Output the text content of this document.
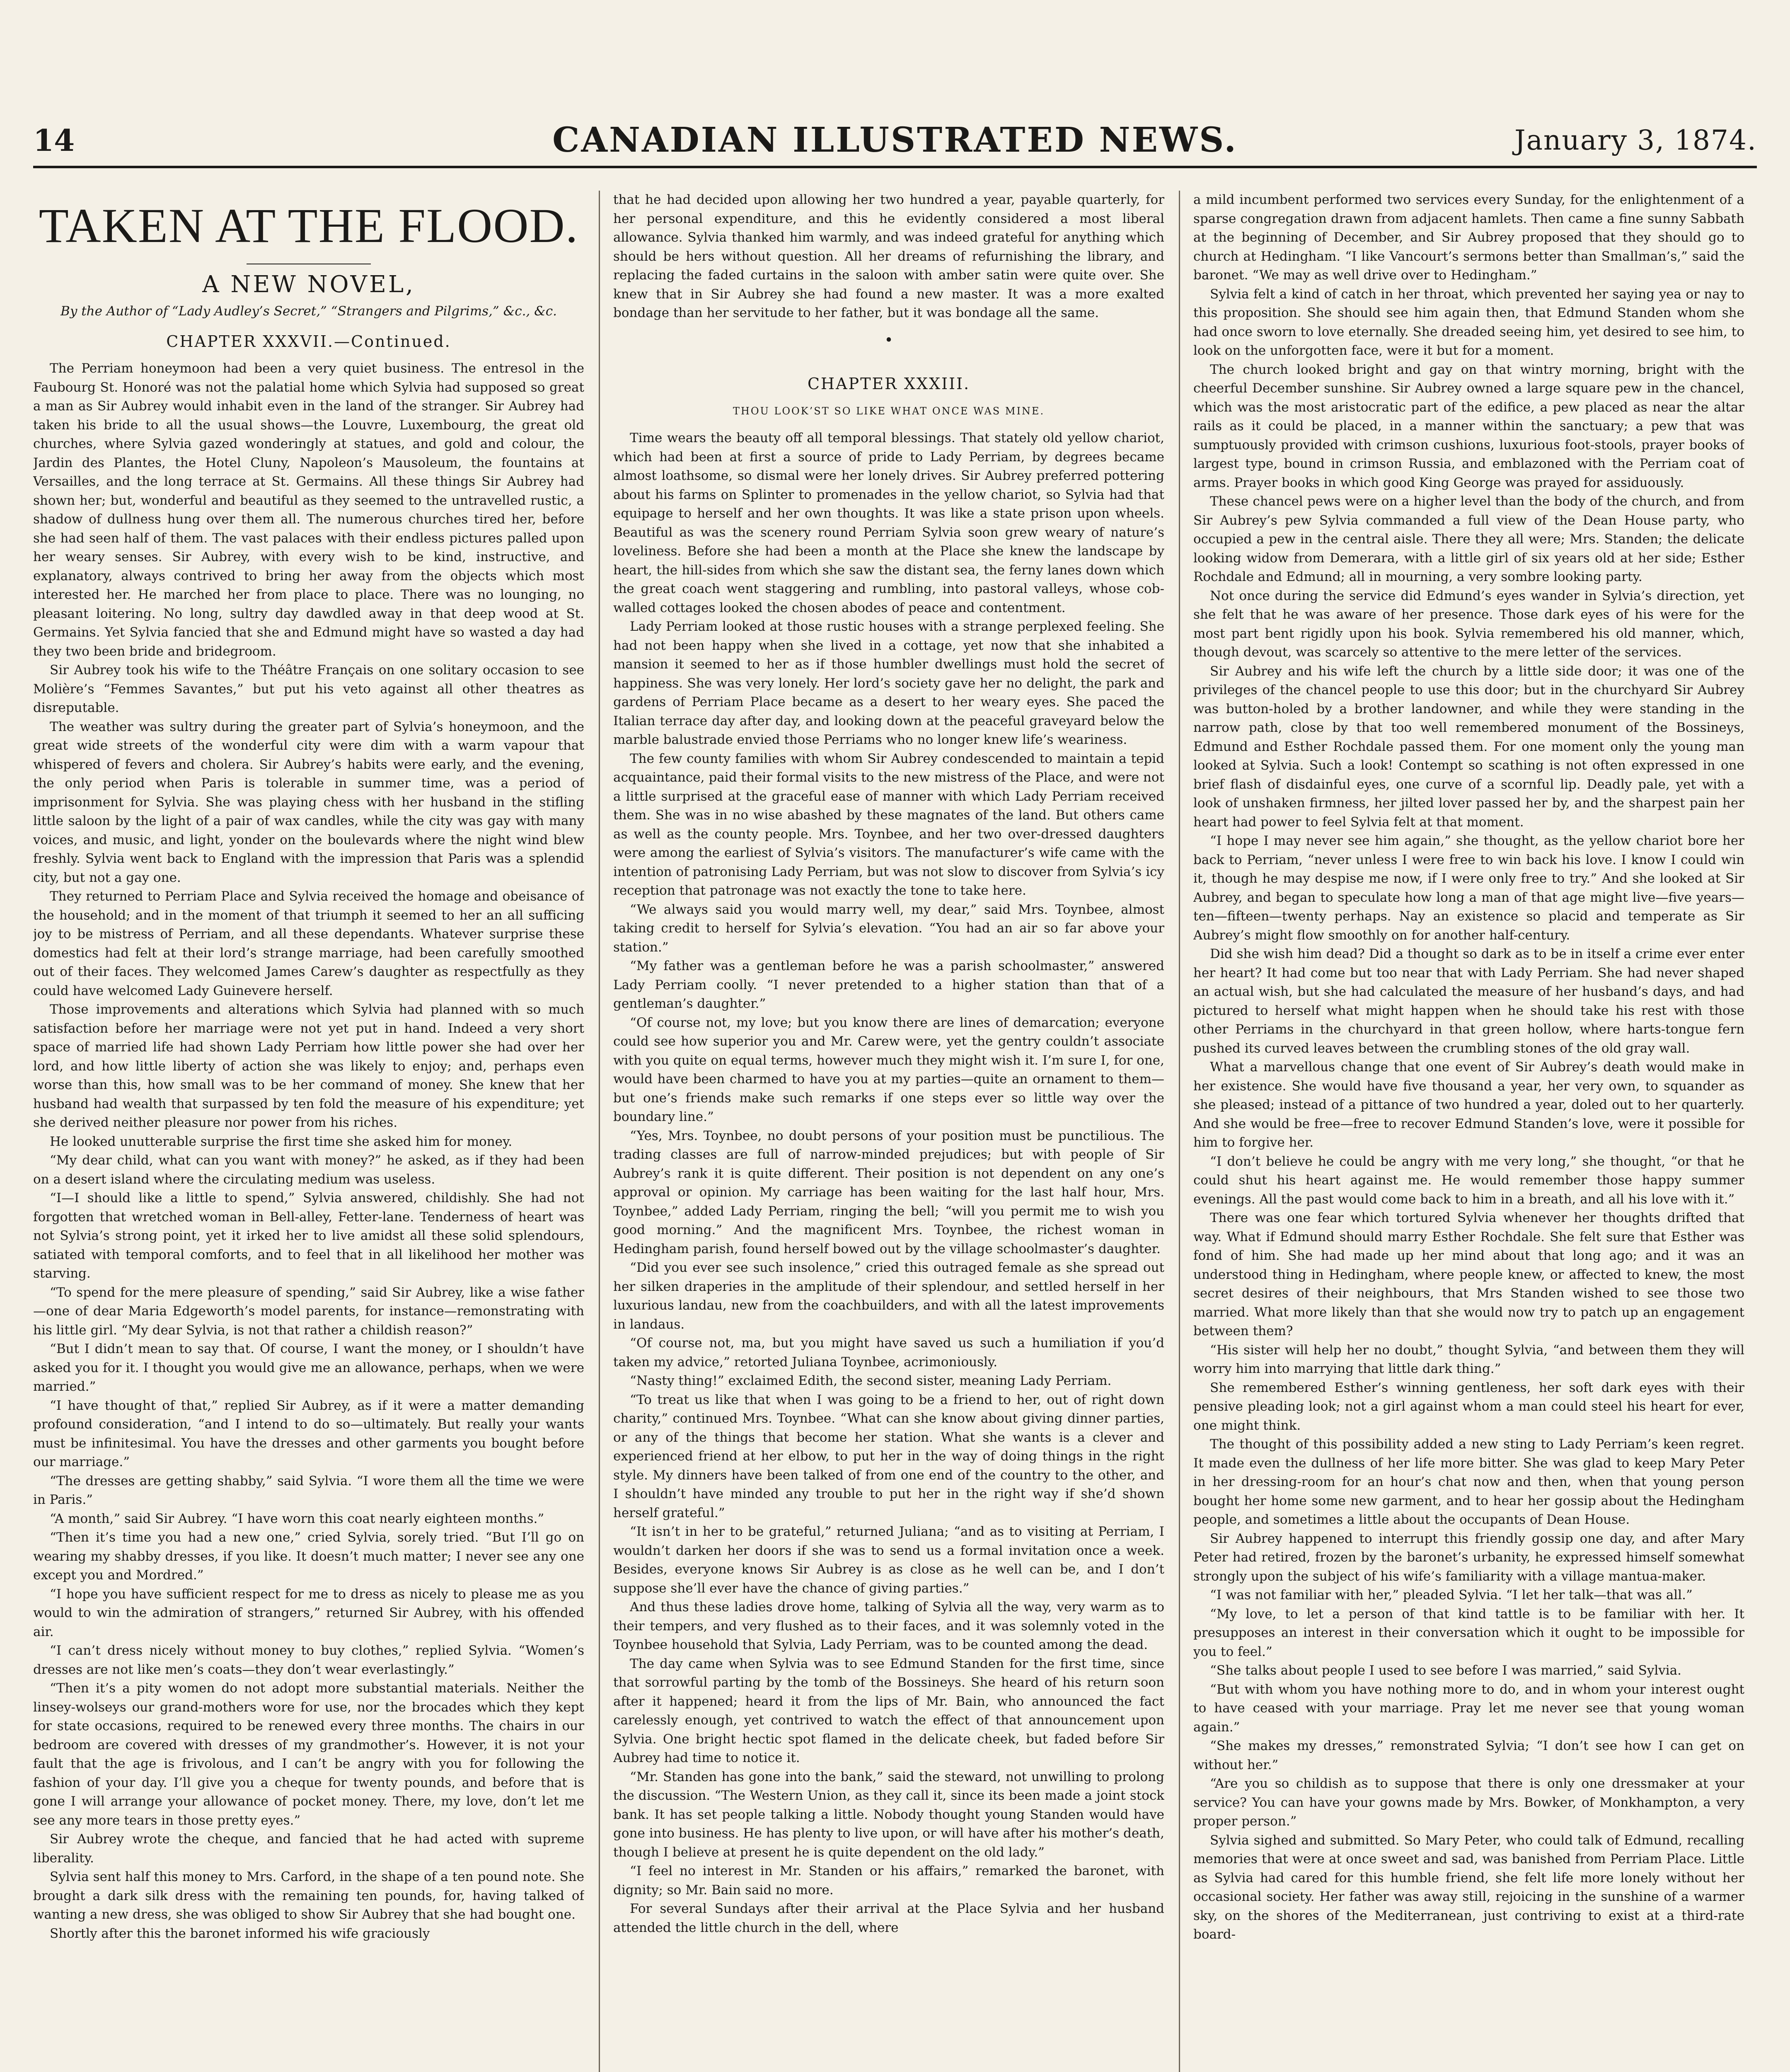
14	CANADIAN ILLUSTRATED NEWS.	January 3, 1874.
TAKEN AT THE FLOOD.
A NEW NOVEL,
By the Author of “Lady Audley’s Secret,” “Strangers and Pilgrims,” &c., &c.
CHAPTER XXXVII.—Continued.

The Perriam honeymoon had been a very quiet business. The entresol in the Faubourg St. Honoré was not the palatial home which Sylvia had supposed so great a man as Sir Aubrey would inhabit even in the land of the stranger. Sir Aubrey had taken his bride to all the usual shows—the Louvre, Luxembourg, the great old churches, where Sylvia gazed wonderingly at statues, and gold and colour, the Jardin des Plantes, the Hotel Cluny, Napoleon’s Mausoleum, the fountains at Versailles, and the long terrace at St. Germains. All these things Sir Aubrey had shown her; but, wonderful and beautiful as they seemed to the untravelled rustic, a shadow of dullness hung over them all. The numerous churches tired her, before she had seen half of them. The vast palaces with their endless pictures palled upon her weary senses. Sir Aubrey, with every wish to be kind, instructive, and explanatory, always contrived to bring her away from the objects which most interested her. He marched her from place to place. There was no lounging, no pleasant loitering. No long, sultry day dawdled away in that deep wood at St. Germains. Yet Sylvia fancied that she and Edmund might have so wasted a day had they two been bride and bridegroom.

Sir Aubrey took his wife to the Théâtre Français on one solitary occasion to see Molière’s “Femmes Savantes,” but put his veto against all other theatres as disreputable.

The weather was sultry during the greater part of Sylvia’s honeymoon, and the great wide streets of the wonderful city were dim with a warm vapour that whispered of fevers and cholera. Sir Aubrey’s habits were early, and the evening, the only period when Paris is tolerable in summer time, was a period of imprisonment for Sylvia. She was playing chess with her husband in the stifling little saloon by the light of a pair of wax candles, while the city was gay with many voices, and music, and light, yonder on the boulevards where the night wind blew freshly. Sylvia went back to England with the impression that Paris was a splendid city, but not a gay one.

They returned to Perriam Place and Sylvia received the homage and obeisance of the household; and in the moment of that triumph it seemed to her an all sufficing joy to be mistress of Perriam, and all these dependants. Whatever surprise these domestics had felt at their lord’s strange marriage, had been carefully smoothed out of their faces. They welcomed James Carew’s daughter as respectfully as they could have welcomed Lady Guinevere herself.

Those improvements and alterations which Sylvia had planned with so much satisfaction before her marriage were not yet put in hand. Indeed a very short space of married life had shown Lady Perriam how little power she had over her lord, and how little liberty of action she was likely to enjoy; and, perhaps even worse than this, how small was to be her command of money. She knew that her husband had wealth that surpassed by ten fold the measure of his expenditure; yet she derived neither pleasure nor power from his riches.

He looked unutterable surprise the first time she asked him for money.

“My dear child, what can you want with money?” he asked, as if they had been on a desert island where the circulating medium was useless.

“I—I should like a little to spend,” Sylvia answered, childishly. She had not forgotten that wretched woman in Bell-alley, Fetter-lane. Tenderness of heart was not Sylvia’s strong point, yet it irked her to live amidst all these solid splendours, satiated with temporal comforts, and to feel that in all likelihood her mother was starving.

“To spend for the mere pleasure of spending,” said Sir Aubrey, like a wise father—one of dear Maria Edgeworth’s model parents, for instance—remonstrating with his little girl. “My dear Sylvia, is not that rather a childish reason?”

“But I didn’t mean to say that. Of course, I want the money, or I shouldn’t have asked you for it. I thought you would give me an allowance, perhaps, when we were married.”

“I have thought of that,” replied Sir Aubrey, as if it were a matter demanding profound consideration, “and I intend to do so—ultimately. But really your wants must be infinitesimal. You have the dresses and other garments you bought before our marriage.”

“The dresses are getting shabby,” said Sylvia. “I wore them all the time we were in Paris.”

“A month,” said Sir Aubrey. “I have worn this coat nearly eighteen months.”

“Then it’s time you had a new one,” cried Sylvia, sorely tried. “But I’ll go on wearing my shabby dresses, if you like. It doesn’t much matter; I never see any one except you and Mordred.”

“I hope you have sufficient respect for me to dress as nicely to please me as you would to win the admiration of strangers,” returned Sir Aubrey, with his offended air.

“I can’t dress nicely without money to buy clothes,” replied Sylvia. “Women’s dresses are not like men’s coats—they don’t wear everlastingly.”

“Then it’s a pity women do not adopt more substantial materials. Neither the linsey-wolseys our grand-mothers wore for use, nor the brocades which they kept for state occasions, required to be renewed every three months. The chairs in our bedroom are covered with dresses of my grandmother’s. However, it is not your fault that the age is frivolous, and I can’t be angry with you for following the fashion of your day. I’ll give you a cheque for twenty pounds, and before that is gone I will arrange your allowance of pocket money. There, my love, don’t let me see any more tears in those pretty eyes.”

Sir Aubrey wrote the cheque, and fancied that he had acted with supreme liberality.

Sylvia sent half this money to Mrs. Carford, in the shape of a ten pound note. She brought a dark silk dress with the remaining ten pounds, for, having talked of wanting a new dress, she was obliged to show Sir Aubrey that she had bought one.

Shortly after this the baronet informed his wife graciously

that he had decided upon allowing her two hundred a year, payable quarterly, for her personal expenditure, and this he evidently considered a most liberal allowance. Sylvia thanked him warmly, and was indeed grateful for anything which should be hers without question. All her dreams of refurnishing the library, and replacing the faded curtains in the saloon with amber satin were quite over. She knew that in Sir Aubrey she had found a new master. It was a more exalted bondage than her servitude to her father, but it was bondage all the same.

•
CHAPTER XXXIII.
THOU LOOK’ST SO LIKE WHAT ONCE WAS MINE.

Time wears the beauty off all temporal blessings. That stately old yellow chariot, which had been at first a source of pride to Lady Perriam, by degrees became almost loathsome, so dismal were her lonely drives. Sir Aubrey preferred pottering about his farms on Splinter to promenades in the yellow chariot, so Sylvia had that equipage to herself and her own thoughts. It was like a state prison upon wheels. Beautiful as was the scenery round Perriam Sylvia soon grew weary of nature’s loveliness. Before she had been a month at the Place she knew the landscape by heart, the hill-sides from which she saw the distant sea, the ferny lanes down which the great coach went staggering and rumbling, into pastoral valleys, whose cob-walled cottages looked the chosen abodes of peace and contentment.

Lady Perriam looked at those rustic houses with a strange perplexed feeling. She had not been happy when she lived in a cottage, yet now that she inhabited a mansion it seemed to her as if those humbler dwellings must hold the secret of happiness. She was very lonely. Her lord’s society gave her no delight, the park and gardens of Perriam Place became as a desert to her weary eyes. She paced the Italian terrace day after day, and looking down at the peaceful graveyard below the marble balustrade envied those Perriams who no longer knew life’s weariness.

The few county families with whom Sir Aubrey condescended to maintain a tepid acquaintance, paid their formal visits to the new mistress of the Place, and were not a little surprised at the graceful ease of manner with which Lady Perriam received them. She was in no wise abashed by these magnates of the land. But others came as well as the county people. Mrs. Toynbee, and her two over-dressed daughters were among the earliest of Sylvia’s visitors. The manufacturer’s wife came with the intention of patronising Lady Perriam, but was not slow to discover from Sylvia’s icy reception that patronage was not exactly the tone to take here.

“We always said you would marry well, my dear,” said Mrs. Toynbee, almost taking credit to herself for Sylvia’s elevation. “You had an air so far above your station.”

“My father was a gentleman before he was a parish schoolmaster,” answered Lady Perriam coolly. “I never pretended to a higher station than that of a gentleman’s daughter.”

“Of course not, my love; but you know there are lines of demarcation; everyone could see how superior you and Mr. Carew were, yet the gentry couldn’t associate with you quite on equal terms, however much they might wish it. I’m sure I, for one, would have been charmed to have you at my parties—quite an ornament to them—but one’s friends make such remarks if one steps ever so little way over the boundary line.”

“Yes, Mrs. Toynbee, no doubt persons of your position must be punctilious. The trading classes are full of narrow-minded prejudices; but with people of Sir Aubrey’s rank it is quite different. Their position is not dependent on any one’s approval or opinion. My carriage has been waiting for the last half hour, Mrs. Toynbee,” added Lady Perriam, ringing the bell; “will you permit me to wish you good morning.” And the magnificent Mrs. Toynbee, the richest woman in Hedingham parish, found herself bowed out by the village schoolmaster’s daughter.

“Did you ever see such insolence,” cried this outraged female as she spread out her silken draperies in the amplitude of their splendour, and settled herself in her luxurious landau, new from the coachbuilders, and with all the latest improvements in landaus.

“Of course not, ma, but you might have saved us such a humiliation if you’d taken my advice,” retorted Juliana Toynbee, acrimoniously.

“Nasty thing!” exclaimed Edith, the second sister, meaning Lady Perriam.

“To treat us like that when I was going to be a friend to her, out of right down charity,” continued Mrs. Toynbee. “What can she know about giving dinner parties, or any of the things that become her station. What she wants is a clever and experienced friend at her elbow, to put her in the way of doing things in the right style. My dinners have been talked of from one end of the country to the other, and I shouldn’t have minded any trouble to put her in the right way if she’d shown herself grateful.”

“It isn’t in her to be grateful,” returned Juliana; “and as to visiting at Perriam, I wouldn’t darken her doors if she was to send us a formal invitation once a week. Besides, everyone knows Sir Aubrey is as close as he well can be, and I don’t suppose she’ll ever have the chance of giving parties.”

And thus these ladies drove home, talking of Sylvia all the way, very warm as to their tempers, and very flushed as to their faces, and it was solemnly voted in the Toynbee household that Sylvia, Lady Perriam, was to be counted among the dead.

The day came when Sylvia was to see Edmund Standen for the first time, since that sorrowful parting by the tomb of the Bossineys. She heard of his return soon after it happened; heard it from the lips of Mr. Bain, who announced the fact carelessly enough, yet contrived to watch the effect of that announcement upon Sylvia. One bright hectic spot flamed in the delicate cheek, but faded before Sir Aubrey had time to notice it.

“Mr. Standen has gone into the bank,” said the steward, not unwilling to prolong the discussion. “The Western Union, as they call it, since its been made a joint stock bank. It has set people talking a little. Nobody thought young Standen would have gone into business. He has plenty to live upon, or will have after his mother’s death, though I believe at present he is quite dependent on the old lady.”

“I feel no interest in Mr. Standen or his affairs,” remarked the baronet, with dignity; so Mr. Bain said no more.

For several Sundays after their arrival at the Place Sylvia and her husband attended the little church in the dell, where

a mild incumbent performed two services every Sunday, for the enlightenment of a sparse congregation drawn from adjacent hamlets. Then came a fine sunny Sabbath at the beginning of December, and Sir Aubrey proposed that they should go to church at Hedingham. “I like Vancourt’s sermons better than Smallman’s,” said the baronet. “We may as well drive over to Hedingham.”

Sylvia felt a kind of catch in her throat, which prevented her saying yea or nay to this proposition. She should see him again then, that Edmund Standen whom she had once sworn to love eternally. She dreaded seeing him, yet desired to see him, to look on the unforgotten face, were it but for a moment.

The church looked bright and gay on that wintry morning, bright with the cheerful December sunshine. Sir Aubrey owned a large square pew in the chancel, which was the most aristocratic part of the edifice, a pew placed as near the altar rails as it could be placed, in a manner within the sanctuary; a pew that was sumptuously provided with crimson cushions, luxurious foot-stools, prayer books of largest type, bound in crimson Russia, and emblazoned with the Perriam coat of arms. Prayer books in which good King George was prayed for assiduously.

These chancel pews were on a higher level than the body of the church, and from Sir Aubrey’s pew Sylvia commanded a full view of the Dean House party, who occupied a pew in the central aisle. There they all were; Mrs. Standen; the delicate looking widow from Demerara, with a little girl of six years old at her side; Esther Rochdale and Edmund; all in mourning, a very sombre looking party.

Not once during the service did Edmund’s eyes wander in Sylvia’s direction, yet she felt that he was aware of her presence. Those dark eyes of his were for the most part bent rigidly upon his book. Sylvia remembered his old manner, which, though devout, was scarcely so attentive to the mere letter of the services.

Sir Aubrey and his wife left the church by a little side door; it was one of the privileges of the chancel people to use this door; but in the churchyard Sir Aubrey was button-holed by a brother landowner, and while they were standing in the narrow path, close by that too well remembered monument of the Bossineys, Edmund and Esther Rochdale passed them. For one moment only the young man looked at Sylvia. Such a look! Contempt so scathing is not often expressed in one brief flash of disdainful eyes, one curve of a scornful lip. Deadly pale, yet with a look of unshaken firmness, her jilted lover passed her by, and the sharpest pain her heart had power to feel Sylvia felt at that moment.

“I hope I may never see him again,” she thought, as the yellow chariot bore her back to Perriam, “never unless I were free to win back his love. I know I could win it, though he may despise me now, if I were only free to try.” And she looked at Sir Aubrey, and began to speculate how long a man of that age might live—five years—ten—fifteen—twenty perhaps. Nay an existence so placid and temperate as Sir Aubrey’s might flow smoothly on for another half-century.

Did she wish him dead? Did a thought so dark as to be in itself a crime ever enter her heart? It had come but too near that with Lady Perriam. She had never shaped an actual wish, but she had calculated the measure of her husband’s days, and had pictured to herself what might happen when he should take his rest with those other Perriams in the churchyard in that green hollow, where harts-tongue fern pushed its curved leaves between the crumbling stones of the old gray wall.

What a marvellous change that one event of Sir Aubrey’s death would make in her existence. She would have five thousand a year, her very own, to squander as she pleased; instead of a pittance of two hundred a year, doled out to her quarterly. And she would be free—free to recover Edmund Standen’s love, were it possible for him to forgive her.

“I don’t believe he could be angry with me very long,” she thought, “or that he could shut his heart against me. He would remember those happy summer evenings. All the past would come back to him in a breath, and all his love with it.”

There was one fear which tortured Sylvia whenever her thoughts drifted that way. What if Edmund should marry Esther Rochdale. She felt sure that Esther was fond of him. She had made up her mind about that long ago; and it was an understood thing in Hedingham, where people knew, or affected to knew, the most secret desires of their neighbours, that Mrs Standen wished to see those two married. What more likely than that she would now try to patch up an engagement between them?

“His sister will help her no doubt,” thought Sylvia, “and between them they will worry him into marrying that little dark thing.”

She remembered Esther’s winning gentleness, her soft dark eyes with their pensive pleading look; not a girl against whom a man could steel his heart for ever, one might think.

The thought of this possibility added a new sting to Lady Perriam’s keen regret. It made even the dullness of her life more bitter. She was glad to keep Mary Peter in her dressing-room for an hour’s chat now and then, when that young person bought her home some new garment, and to hear her gossip about the Hedingham people, and sometimes a little about the occupants of Dean House.

Sir Aubrey happened to interrupt this friendly gossip one day, and after Mary Peter had retired, frozen by the baronet’s urbanity, he expressed himself somewhat strongly upon the subject of his wife’s familiarity with a village mantua-maker.

“I was not familiar with her,” pleaded Sylvia. “I let her talk—that was all.”

“My love, to let a person of that kind tattle is to be familiar with her. It presupposes an interest in their conversation which it ought to be impossible for you to feel.”

“She talks about people I used to see before I was married,” said Sylvia.

“But with whom you have nothing more to do, and in whom your interest ought to have ceased with your marriage. Pray let me never see that young woman again.”

“She makes my dresses,” remonstrated Sylvia; “I don’t see how I can get on without her.”

“Are you so childish as to suppose that there is only one dressmaker at your service? You can have your gowns made by Mrs. Bowker, of Monkhampton, a very proper person.”

Sylvia sighed and submitted. So Mary Peter, who could talk of Edmund, recalling memories that were at once sweet and sad, was banished from Perriam Place. Little as Sylvia had cared for this humble friend, she felt life more lonely without her occasional society. Her father was away still, rejoicing in the sunshine of a warmer sky, on the shores of the Mediterranean, just contriving to exist at a third-rate board-
